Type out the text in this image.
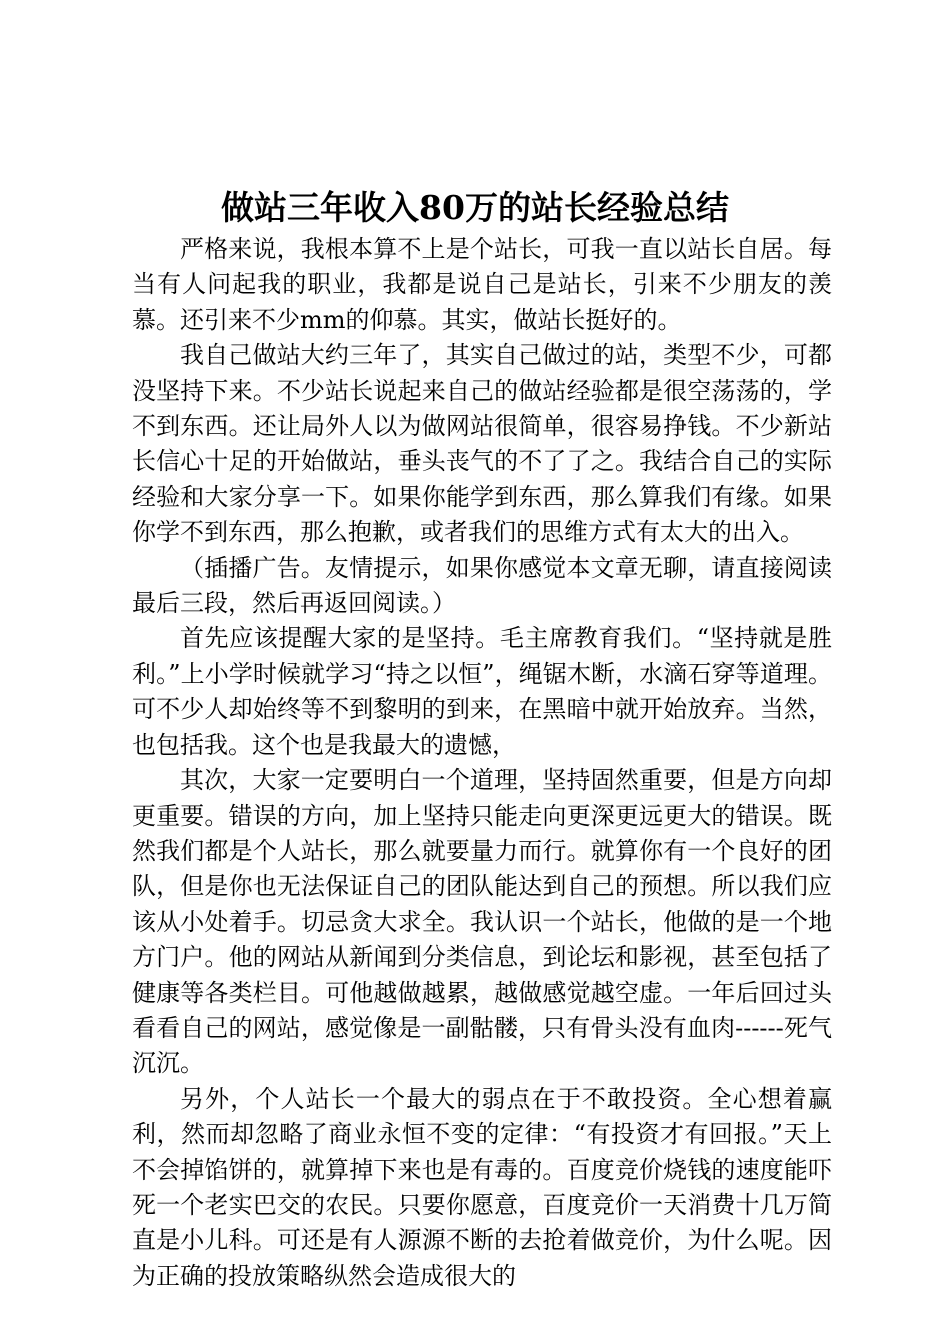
做站三年收入80万的站长经验总结

严格来说，我根本算不上是个站长，可我一直以站长自居。每当有人问起我的职业，我都是说自己是站长，引来不少朋友的羡慕。还引来不少mm的仰慕。其实，做站长挺好的。

我自己做站大约三年了，其实自己做过的站，类型不少，可都没坚持下来。不少站长说起来自己的做站经验都是很空荡荡的，学不到东西。还让局外人以为做网站很简单，很容易挣钱。不少新站长信心十足的开始做站，垂头丧气的不了了之。我结合自己的实际经验和大家分享一下。如果你能学到东西，那么算我们有缘。如果你学不到东西，那么抱歉，或者我们的思维方式有太大的出入。

（插播广告。友情提示，如果你感觉本文章无聊，请直接阅读最后三段，然后再返回阅读。）

首先应该提醒大家的是坚持。毛主席教育我们。“坚持就是胜利。”上小学时候就学习“持之以恒”，绳锯木断，水滴石穿等道理。可不少人却始终等不到黎明的到来，在黑暗中就开始放弃。当然，也包括我。这个也是我最大的遗憾，

其次，大家一定要明白一个道理，坚持固然重要，但是方向却更重要。错误的方向，加上坚持只能走向更深更远更大的错误。既然我们都是个人站长，那么就要量力而行。就算你有一个良好的团队，但是你也无法保证自己的团队能达到自己的预想。所以我们应该从小处着手。切忌贪大求全。我认识一个站长，他做的是一个地方门户。他的网站从新闻到分类信息，到论坛和影视，甚至包括了健康等各类栏目。可他越做越累，越做感觉越空虚。一年后回过头看看自己的网站，感觉像是一副骷髅，只有骨头没有血肉------死气沉沉。

另外，个人站长一个最大的弱点在于不敢投资。全心想着赢利，然而却忽略了商业永恒不变的定律：“有投资才有回报。”天上不会掉馅饼的，就算掉下来也是有毒的。百度竞价烧钱的速度能吓死一个老实巴交的农民。只要你愿意，百度竞价一天消费十几万简直是小儿科。可还是有人源源不断的去抢着做竞价，为什么呢。因为正确的投放策略纵然会造成很大的
